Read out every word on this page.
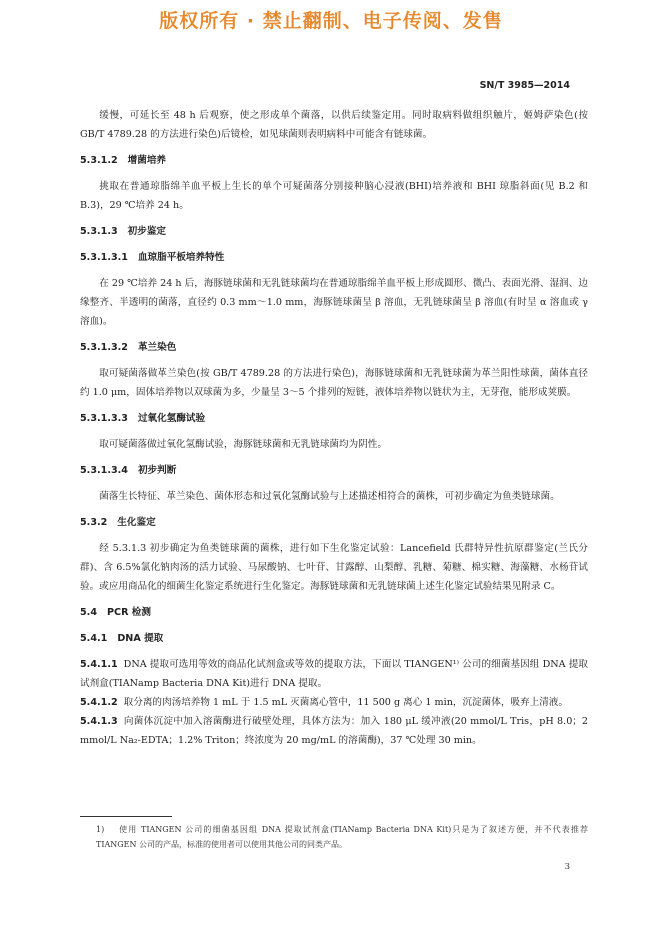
版权所有 · 禁止翻制、电子传阅、发售
SN/T 3985—2014

缓慢，可延长至 48 h 后观察，使之形成单个菌落，以供后续鉴定用。同时取病料做组织触片，姬姆萨染色(按 GB/T 4789.28 的方法进行染色)后镜检，如见球菌则表明病料中可能含有链球菌。

5.3.1.2 增菌培养

挑取在普通琼脂绵羊血平板上生长的单个可疑菌落分别接种脑心浸液(BHI)培养液和 BHI 琼脂斜面(见 B.2 和 B.3)，29 ℃培养 24 h。

5.3.1.3 初步鉴定

5.3.1.3.1 血琼脂平板培养特性

在 29 ℃培养 24 h 后，海豚链球菌和无乳链球菌均在普通琼脂绵羊血平板上形成圆形、微凸、表面光滑、湿润、边缘整齐、半透明的菌落，直径约 0.3 mm～1.0 mm，海豚链球菌呈 β 溶血，无乳链球菌呈 β 溶血(有时呈 α 溶血或 γ 溶血)。

5.3.1.3.2 革兰染色

取可疑菌落做革兰染色(按 GB/T 4789.28 的方法进行染色)，海豚链球菌和无乳链球菌为革兰阳性球菌，菌体直径约 1.0 μm，固体培养物以双球菌为多，少量呈 3～5 个排列的短链，液体培养物以链状为主，无芽孢，能形成荚膜。

5.3.1.3.3 过氧化氢酶试验

取可疑菌落做过氧化氢酶试验，海豚链球菌和无乳链球菌均为阴性。

5.3.1.3.4 初步判断

菌落生长特征、革兰染色、菌体形态和过氧化氢酶试验与上述描述相符合的菌株，可初步确定为鱼类链球菌。

5.3.2 生化鉴定

经 5.3.1.3 初步确定为鱼类链球菌的菌株，进行如下生化鉴定试验：Lancefield 氏群特异性抗原群鉴定(兰氏分群)、含 6.5%氯化钠肉汤的活力试验、马尿酸钠、七叶苷、甘露醇、山梨醇、乳糖、菊糖、棉实糖、海藻糖、水杨苷试验。或应用商品化的细菌生化鉴定系统进行生化鉴定。海豚链球菌和无乳链球菌上述生化鉴定试验结果见附录 C。

5.4 PCR 检测

5.4.1 DNA 提取

5.4.1.1 DNA 提取可选用等效的商品化试剂盒或等效的提取方法，下面以 TIANGEN¹⁾ 公司的细菌基因组 DNA 提取试剂盒(TIANamp Bacteria DNA Kit)进行 DNA 提取。

5.4.1.2 取分离的肉汤培养物 1 mL 于 1.5 mL 灭菌离心管中，11 500 g 离心 1 min，沉淀菌体，吸弃上清液。

5.4.1.3 向菌体沉淀中加入溶菌酶进行破壁处理，具体方法为：加入 180 μL 缓冲液(20 mmol/L Tris，pH 8.0；2 mmol/L Na₂-EDTA；1.2% Triton；终浓度为 20 mg/mL 的溶菌酶)，37 ℃处理 30 min。

1) 使用 TIANGEN 公司的细菌基因组 DNA 提取试剂盒(TIANamp Bacteria DNA Kit)只是为了叙述方便，并不代表推荐 TIANGEN 公司的产品，标准的使用者可以使用其他公司的同类产品。
3
